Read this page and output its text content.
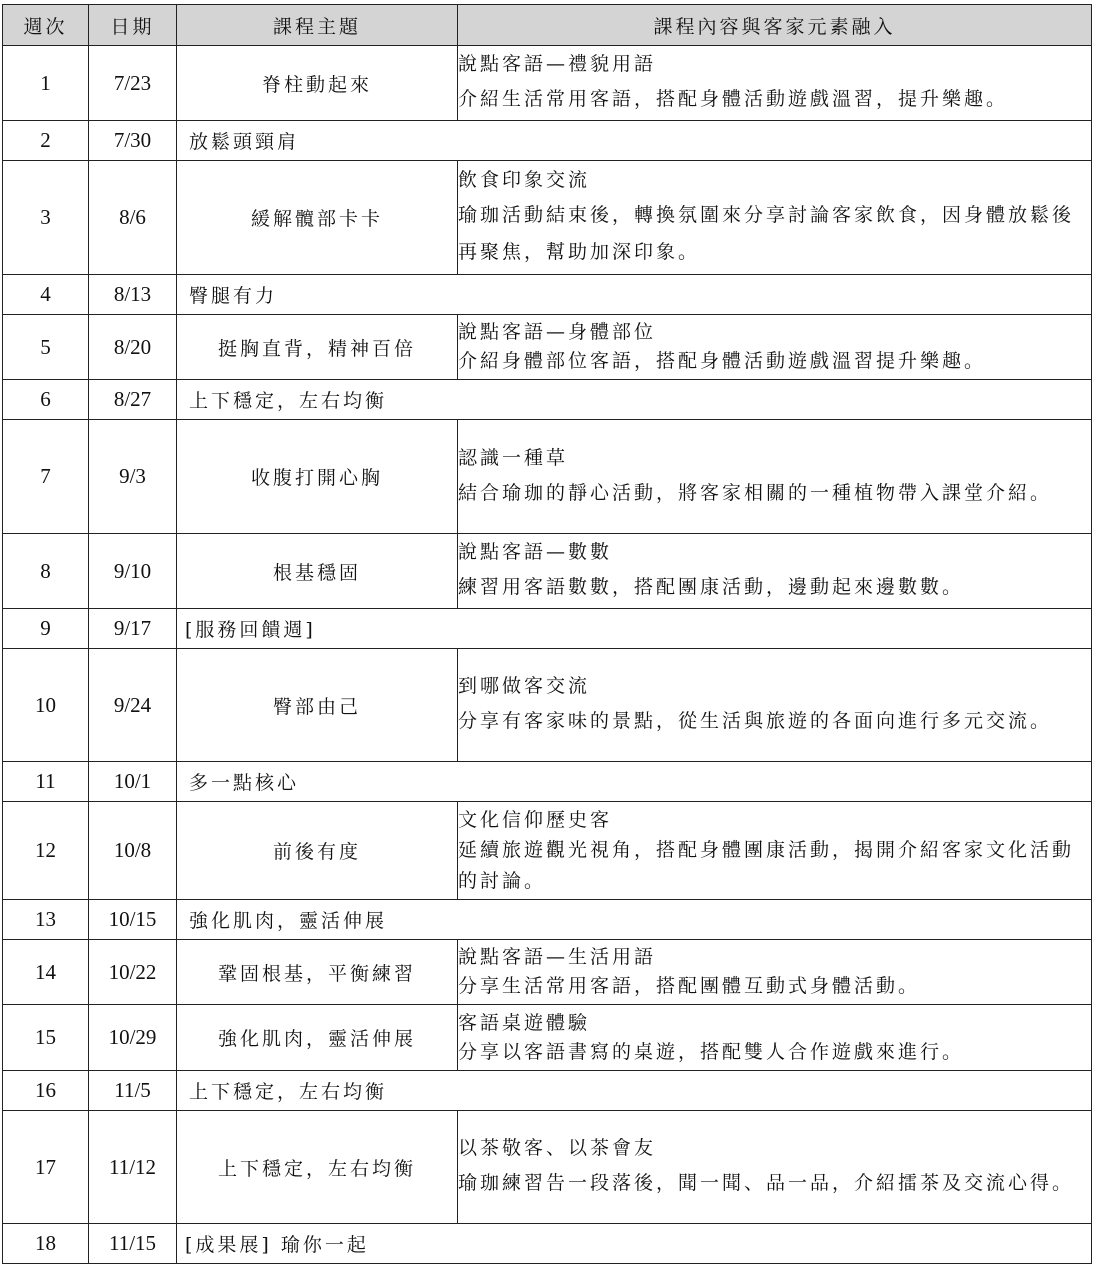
週次	日期	課程主題	課程內容與客家元素融入
1	7/23	脊柱動起來	說點客語—禮貌用語
介紹生活常用客語，搭配身體活動遊戲溫習，提升樂趣。

2	7/30	放鬆頭頸肩	
3	8/6	緩解髖部卡卡	飲食印象交流
瑜珈活動結束後，轉換氛圍來分享討論客家飲食，因身體放鬆後再聚焦，幫助加深印象。

4	8/13	臀腿有力	
5	8/20	挺胸直背，精神百倍	說點客語—身體部位
介紹身體部位客語，搭配身體活動遊戲溫習提升樂趣。

6	8/27	上下穩定，左右均衡	
7	9/3	收腹打開心胸	認識一種草
結合瑜珈的靜心活動，將客家相關的一種植物帶入課堂介紹。

8	9/10	根基穩固	說點客語—數數
練習用客語數數，搭配團康活動，邊動起來邊數數。

9	9/17	[服務回饋週]	
10	9/24	臀部由己	到哪做客交流
分享有客家味的景點，從生活與旅遊的各面向進行多元交流。

11	10/1	多一點核心	
12	10/8	前後有度	文化信仰歷史客
延續旅遊觀光視角，搭配身體團康活動，揭開介紹客家文化活動的討論。

13	10/15	強化肌肉，靈活伸展	
14	10/22	鞏固根基，平衡練習	說點客語—生活用語
分享生活常用客語，搭配團體互動式身體活動。

15	10/29	強化肌肉，靈活伸展	客語桌遊體驗
分享以客語書寫的桌遊，搭配雙人合作遊戲來進行。

16	11/5	上下穩定，左右均衡	
17	11/12	上下穩定，左右均衡	以茶敬客、以茶會友
瑜珈練習告一段落後，聞一聞、品一品，介紹擂茶及交流心得。

18	11/15	[成果展] 瑜你一起	
